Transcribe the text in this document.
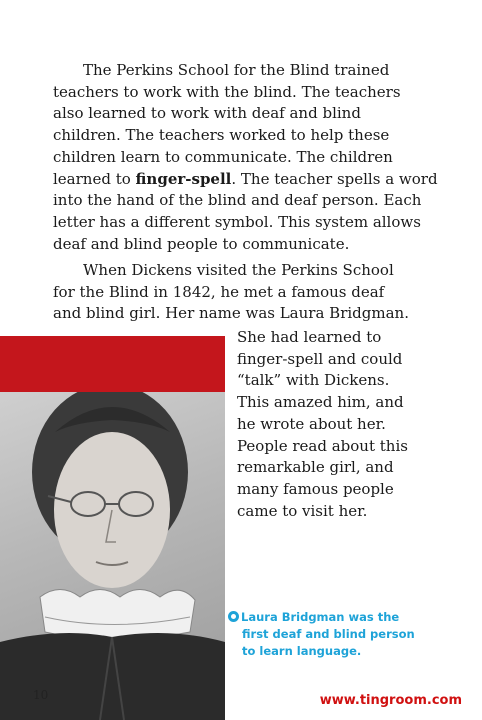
The Perkins School for the Blind trained
teachers to work with the blind. The teachers
also learned to work with deaf and blind
children. The teachers worked to help these
children learn to communicate. The children
learned to finger-spell. The teacher spells a word
into the hand of the blind and deaf person. Each
letter has a different symbol. This system allows
deaf and blind people to communicate.

When Dickens visited the Perkins School
for the Blind in 1842, he met a famous deaf
and blind girl. Her name was Laura Bridgman.

She had learned to
finger-spell and could
“talk” with Dickens.
This amazed him, and
he wrote about her.
People read about this
remarkable girl, and
many famous people
came to visit her.

Laura Bridgman was the
first deaf and blind person
to learn language.
10	www.tingroom.com
